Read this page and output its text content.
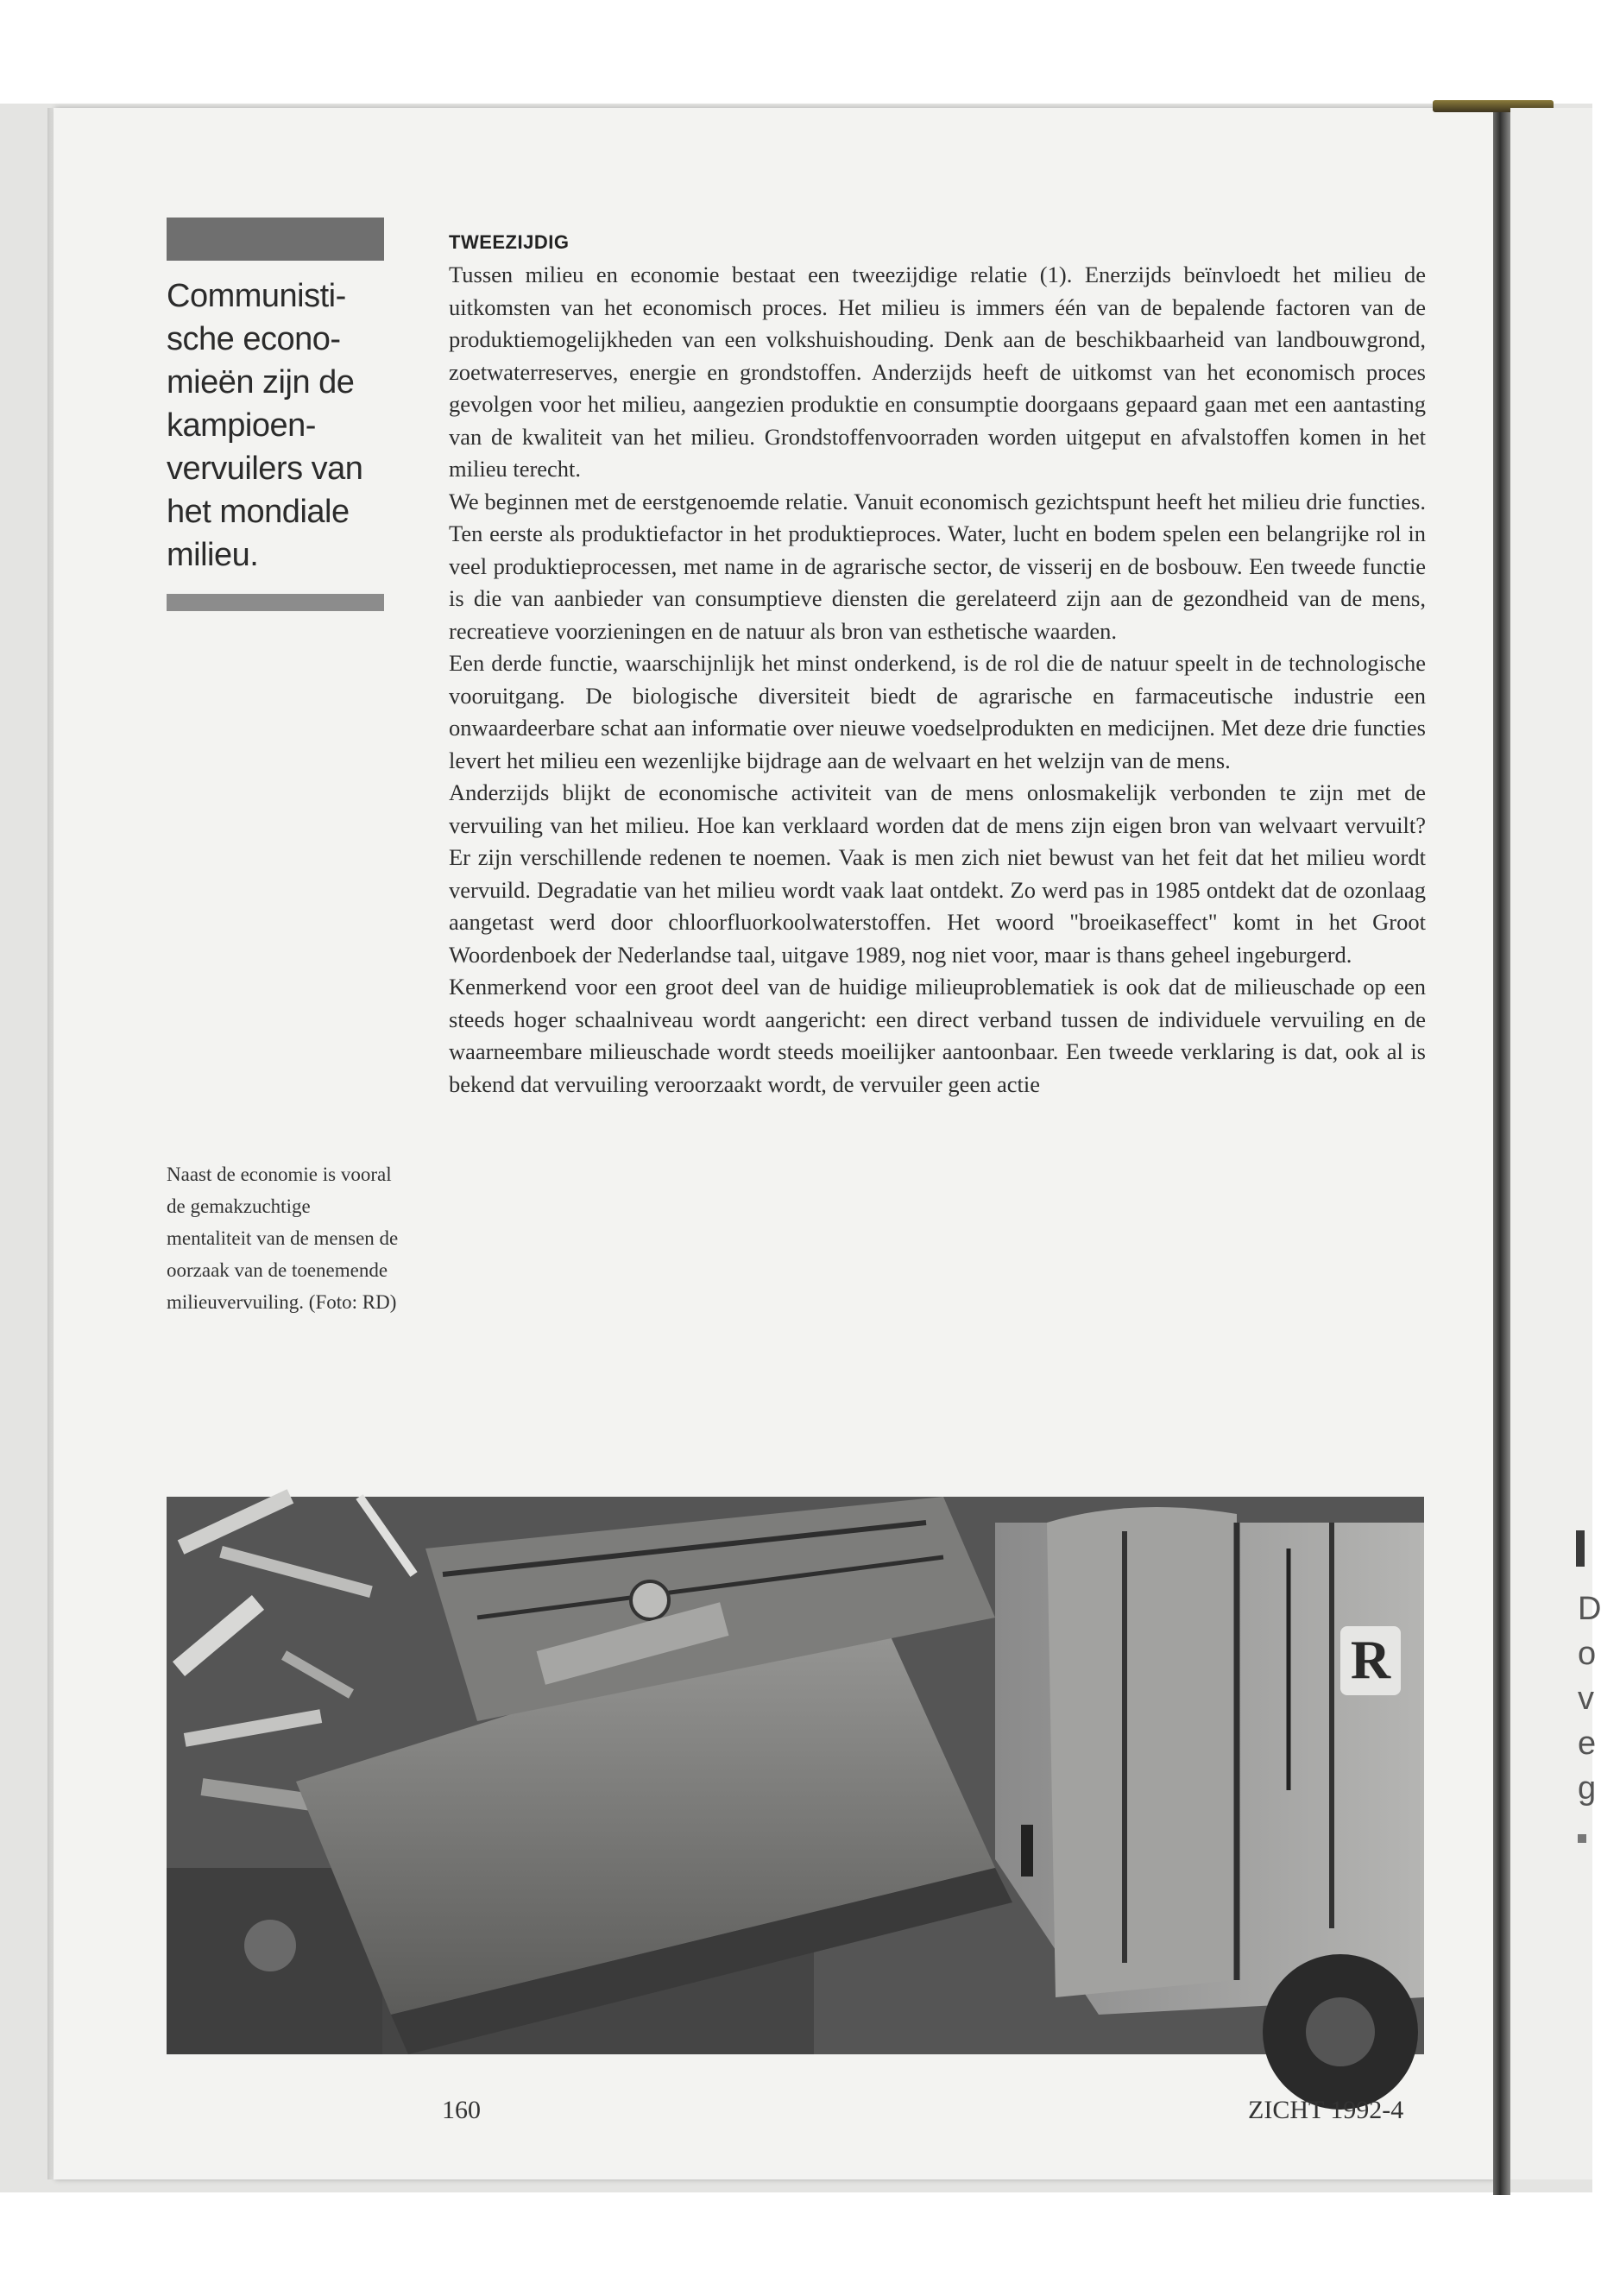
D
o
v
e
g
Communisti-sche econo-mieën zijn de kampioen-vervuilers van het mondiale milieu.
Naast de economie is vooral de gemakzuchtige mentaliteit van de mensen de oorzaak van de toenemende milieuvervuiling. (Foto: RD)
TWEEZIJDIG

Tussen milieu en economie bestaat een tweezijdige relatie (1). Enerzijds beïnvloedt het milieu de uitkomsten van het economisch proces. Het milieu is immers één van de bepalende factoren van de produktiemogelijkheden van een volkshuishouding. Denk aan de beschikbaarheid van landbouwgrond, zoetwaterreserves, energie en grondstoffen. Anderzijds heeft de uitkomst van het economisch proces gevolgen voor het milieu, aangezien produktie en consumptie doorgaans gepaard gaan met een aantasting van de kwaliteit van het milieu. Grondstoffenvoorraden worden uitgeput en afvalstoffen komen in het milieu terecht.

We beginnen met de eerstgenoemde relatie. Vanuit economisch gezichtspunt heeft het milieu drie functies. Ten eerste als produktiefactor in het produktieproces. Water, lucht en bodem spelen een belangrijke rol in veel produktieprocessen, met name in de agrarische sector, de visserij en de bosbouw. Een tweede functie is die van aanbieder van consumptieve diensten die gerelateerd zijn aan de gezondheid van de mens, recreatieve voorzieningen en de natuur als bron van esthetische waarden.

Een derde functie, waarschijnlijk het minst onderkend, is de rol die de natuur speelt in de technologische vooruitgang. De biologische diversiteit biedt de agrarische en farmaceutische industrie een onwaardeerbare schat aan informatie over nieuwe voedselprodukten en medicijnen. Met deze drie functies levert het milieu een wezenlijke bijdrage aan de welvaart en het welzijn van de mens.

Anderzijds blijkt de economische activiteit van de mens onlosmakelijk verbonden te zijn met de vervuiling van het milieu. Hoe kan verklaard worden dat de mens zijn eigen bron van welvaart vervuilt? Er zijn verschillende redenen te noemen. Vaak is men zich niet bewust van het feit dat het milieu wordt vervuild. Degradatie van het milieu wordt vaak laat ontdekt. Zo werd pas in 1985 ontdekt dat de ozonlaag aangetast werd door chloorfluorkoolwaterstoffen. Het woord "broeikaseffect" komt in het Groot Woordenboek der Nederlandse taal, uitgave 1989, nog niet voor, maar is thans geheel ingeburgerd.

Kenmerkend voor een groot deel van de huidige milieuproblematiek is ook dat de milieuschade op een steeds hoger schaalniveau wordt aangericht: een direct verband tussen de individuele vervuiling en de waarneembare milieuschade wordt steeds moeilijker aantoonbaar. Een tweede verklaring is dat, ook al is bekend dat vervuiling veroorzaakt wordt, de vervuiler geen actie

R
160	ZICHT 1992-4
